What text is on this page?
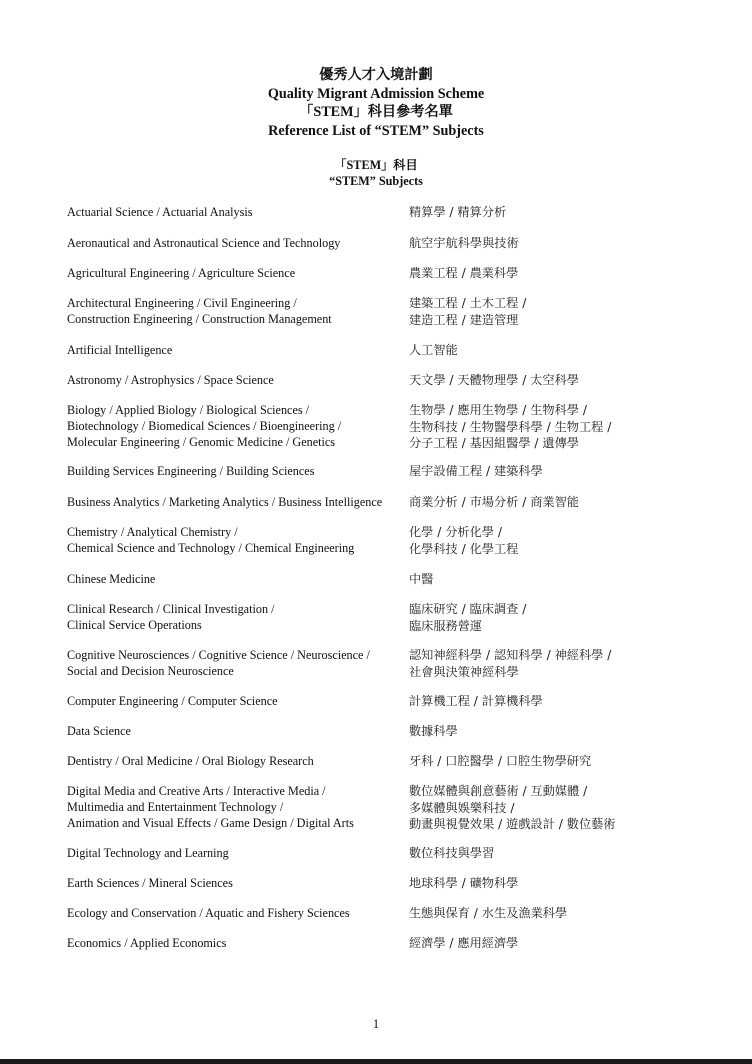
優秀人才入境計劃
Quality Migrant Admission Scheme
「STEM」科目參考名單
Reference List of “STEM” Subjects
「STEM」科目
“STEM” Subjects
Actuarial Science / Actuarial Analysis	精算學 / 精算分析
Aeronautical and Astronautical Science and Technology	航空宇航科學與技術
Agricultural Engineering / Agriculture Science	農業工程 / 農業科學
Architectural Engineering / Civil Engineering /
Construction Engineering / Construction Management
建築工程 / 土木工程 /
建造工程 / 建造管理
Artificial Intelligence	人工智能
Astronomy / Astrophysics / Space Science	天文學 / 天體物理學 / 太空科學
Biology / Applied Biology / Biological Sciences /
Biotechnology / Biomedical Sciences / Bioengineering /
Molecular Engineering / Genomic Medicine / Genetics
生物學 / 應用生物學 / 生物科學 /
生物科技 / 生物醫學科學 / 生物工程 /
分子工程 / 基因組醫學 / 遺傳學
Building Services Engineering / Building Sciences	屋宇設備工程 / 建築科學
Business Analytics / Marketing Analytics / Business Intelligence	商業分析 / 市場分析 / 商業智能
Chemistry / Analytical Chemistry /
Chemical Science and Technology / Chemical Engineering
化學 / 分析化學 /
化學科技 / 化學工程
Chinese Medicine	中醫
Clinical Research / Clinical Investigation /
Clinical Service Operations
臨床研究 / 臨床調查 /
臨床服務營運
Cognitive Neurosciences / Cognitive Science / Neuroscience /
Social and Decision Neuroscience
認知神經科學 / 認知科學 / 神經科學 /
社會與決策神經科學
Computer Engineering / Computer Science	計算機工程 / 計算機科學
Data Science	數據科學
Dentistry / Oral Medicine / Oral Biology Research	牙科 / 口腔醫學 / 口腔生物學研究
Digital Media and Creative Arts / Interactive Media /
Multimedia and Entertainment Technology /
Animation and Visual Effects / Game Design / Digital Arts
數位媒體與創意藝術 / 互動媒體 /
多媒體與娛樂科技 /
動畫與視覺效果 / 遊戲設計 / 數位藝術
Digital Technology and Learning	數位科技與學習
Earth Sciences / Mineral Sciences	地球科學 / 礦物科學
Ecology and Conservation / Aquatic and Fishery Sciences	生態與保育 / 水生及漁業科學
Economics / Applied Economics	經濟學 / 應用經濟學
1
